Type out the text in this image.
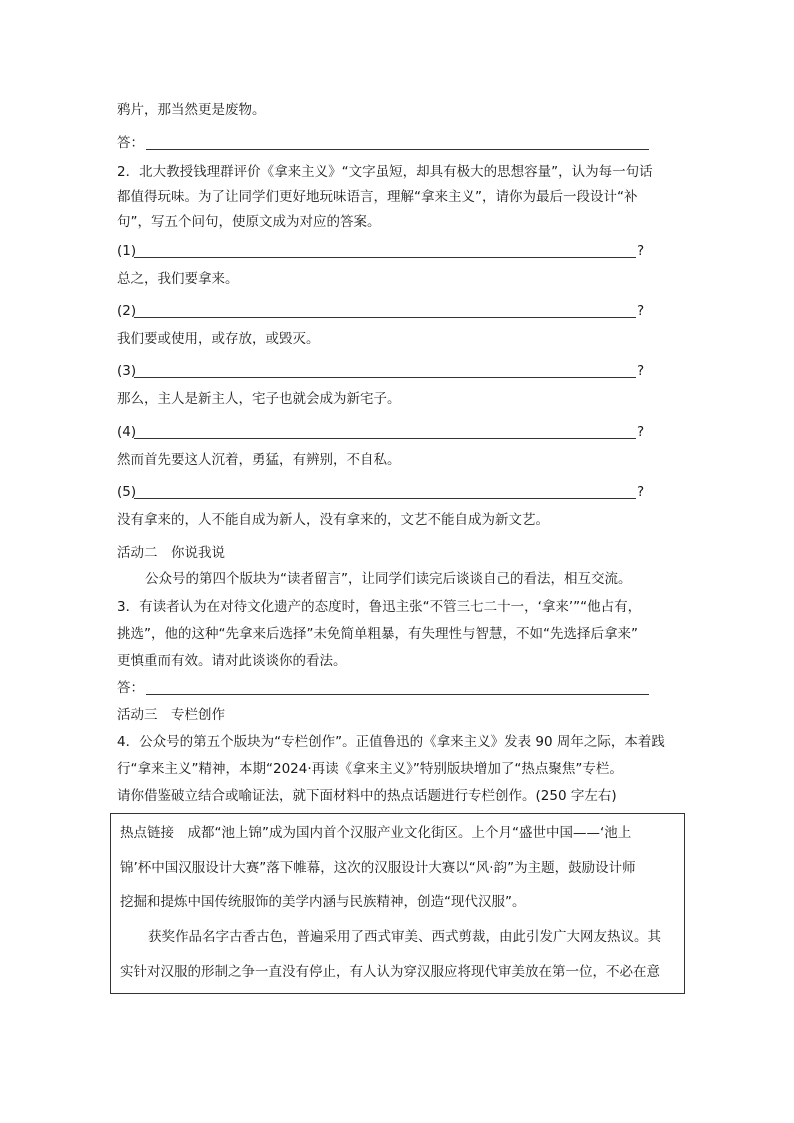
鸦片，那当然更是废物。
答：
2．北大教授钱理群评价《拿来主义》“文字虽短，却具有极大的思想容量”，认为每一句话
都值得玩味。为了让同学们更好地玩味语言，理解“拿来主义”，请你为最后一段设计“补
句”，写五个问句，使原文成为对应的答案。
(1)	?
总之，我们要拿来。
(2)	?
我们要或使用，或存放，或毁灭。
(3)	?
那么，主人是新主人，宅子也就会成为新宅子。
(4)	?
然而首先要这人沉着，勇猛，有辨别，不自私。
(5)	?
没有拿来的，人不能自成为新人，没有拿来的，文艺不能自成为新文艺。
活动二　你说我说
公众号的第四个版块为“读者留言”，让同学们读完后谈谈自己的看法，相互交流。
3．有读者认为在对待文化遗产的态度时，鲁迅主张“不管三七二十一，‘拿来’”“他占有，
挑选”，他的这种“先拿来后选择”未免简单粗暴，有失理性与智慧，不如“先选择后拿来”
更慎重而有效。请对此谈谈你的看法。
答：
活动三　专栏创作
4．公众号的第五个版块为“专栏创作”。正值鲁迅的《拿来主义》发表 90 周年之际，本着践
行“拿来主义”精神，本期“2024·再读《拿来主义》”特别版块增加了“热点聚焦”专栏。
请你借鉴破立结合或喻证法，就下面材料中的热点话题进行专栏创作。(250 字左右)
热点链接　成都“池上锦”成为国内首个汉服产业文化街区。上个月“盛世中国——‘池上
锦’杯中国汉服设计大赛”落下帷幕，这次的汉服设计大赛以“风·韵”为主题，鼓励设计师
挖掘和提炼中国传统服饰的美学内涵与民族精神，创造“现代汉服”。
获奖作品名字古香古色，普遍采用了西式审美、西式剪裁，由此引发广大网友热议。其
实针对汉服的形制之争一直没有停止，有人认为穿汉服应将现代审美放在第一位，不必在意
